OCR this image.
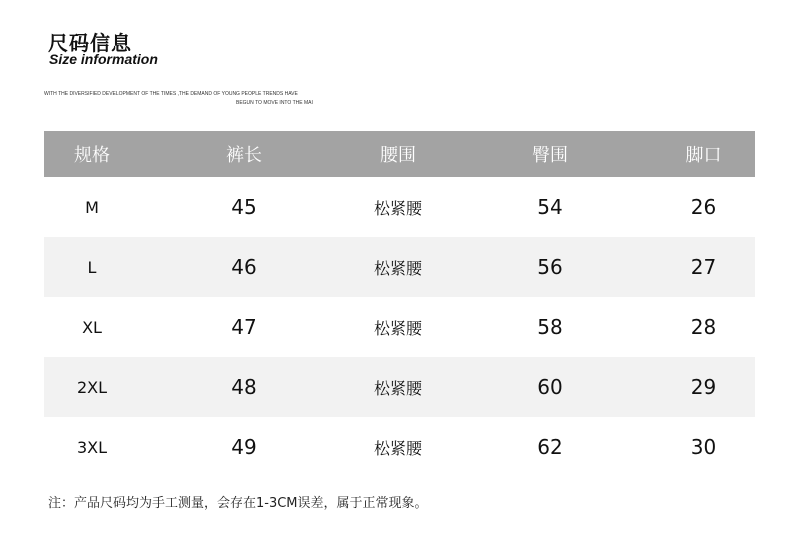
尺码信息
Size information
WITH THE DIVERSIFIED DEVELOPMENT OF THE TIMES ,THE DEMAND OF YOUNG PEOPLE TRENDS HAVE
BEGUN TO MOVE INTO THE MAI
规格	裤长	腰围	臀围	脚口
M	45	松紧腰	54	26
L	46	松紧腰	56	27
XL	47	松紧腰	58	28
2XL	48	松紧腰	60	29
3XL	49	松紧腰	62	30
注：产品尺码均为手工测量，会存在1-3CM误差，属于正常现象。
